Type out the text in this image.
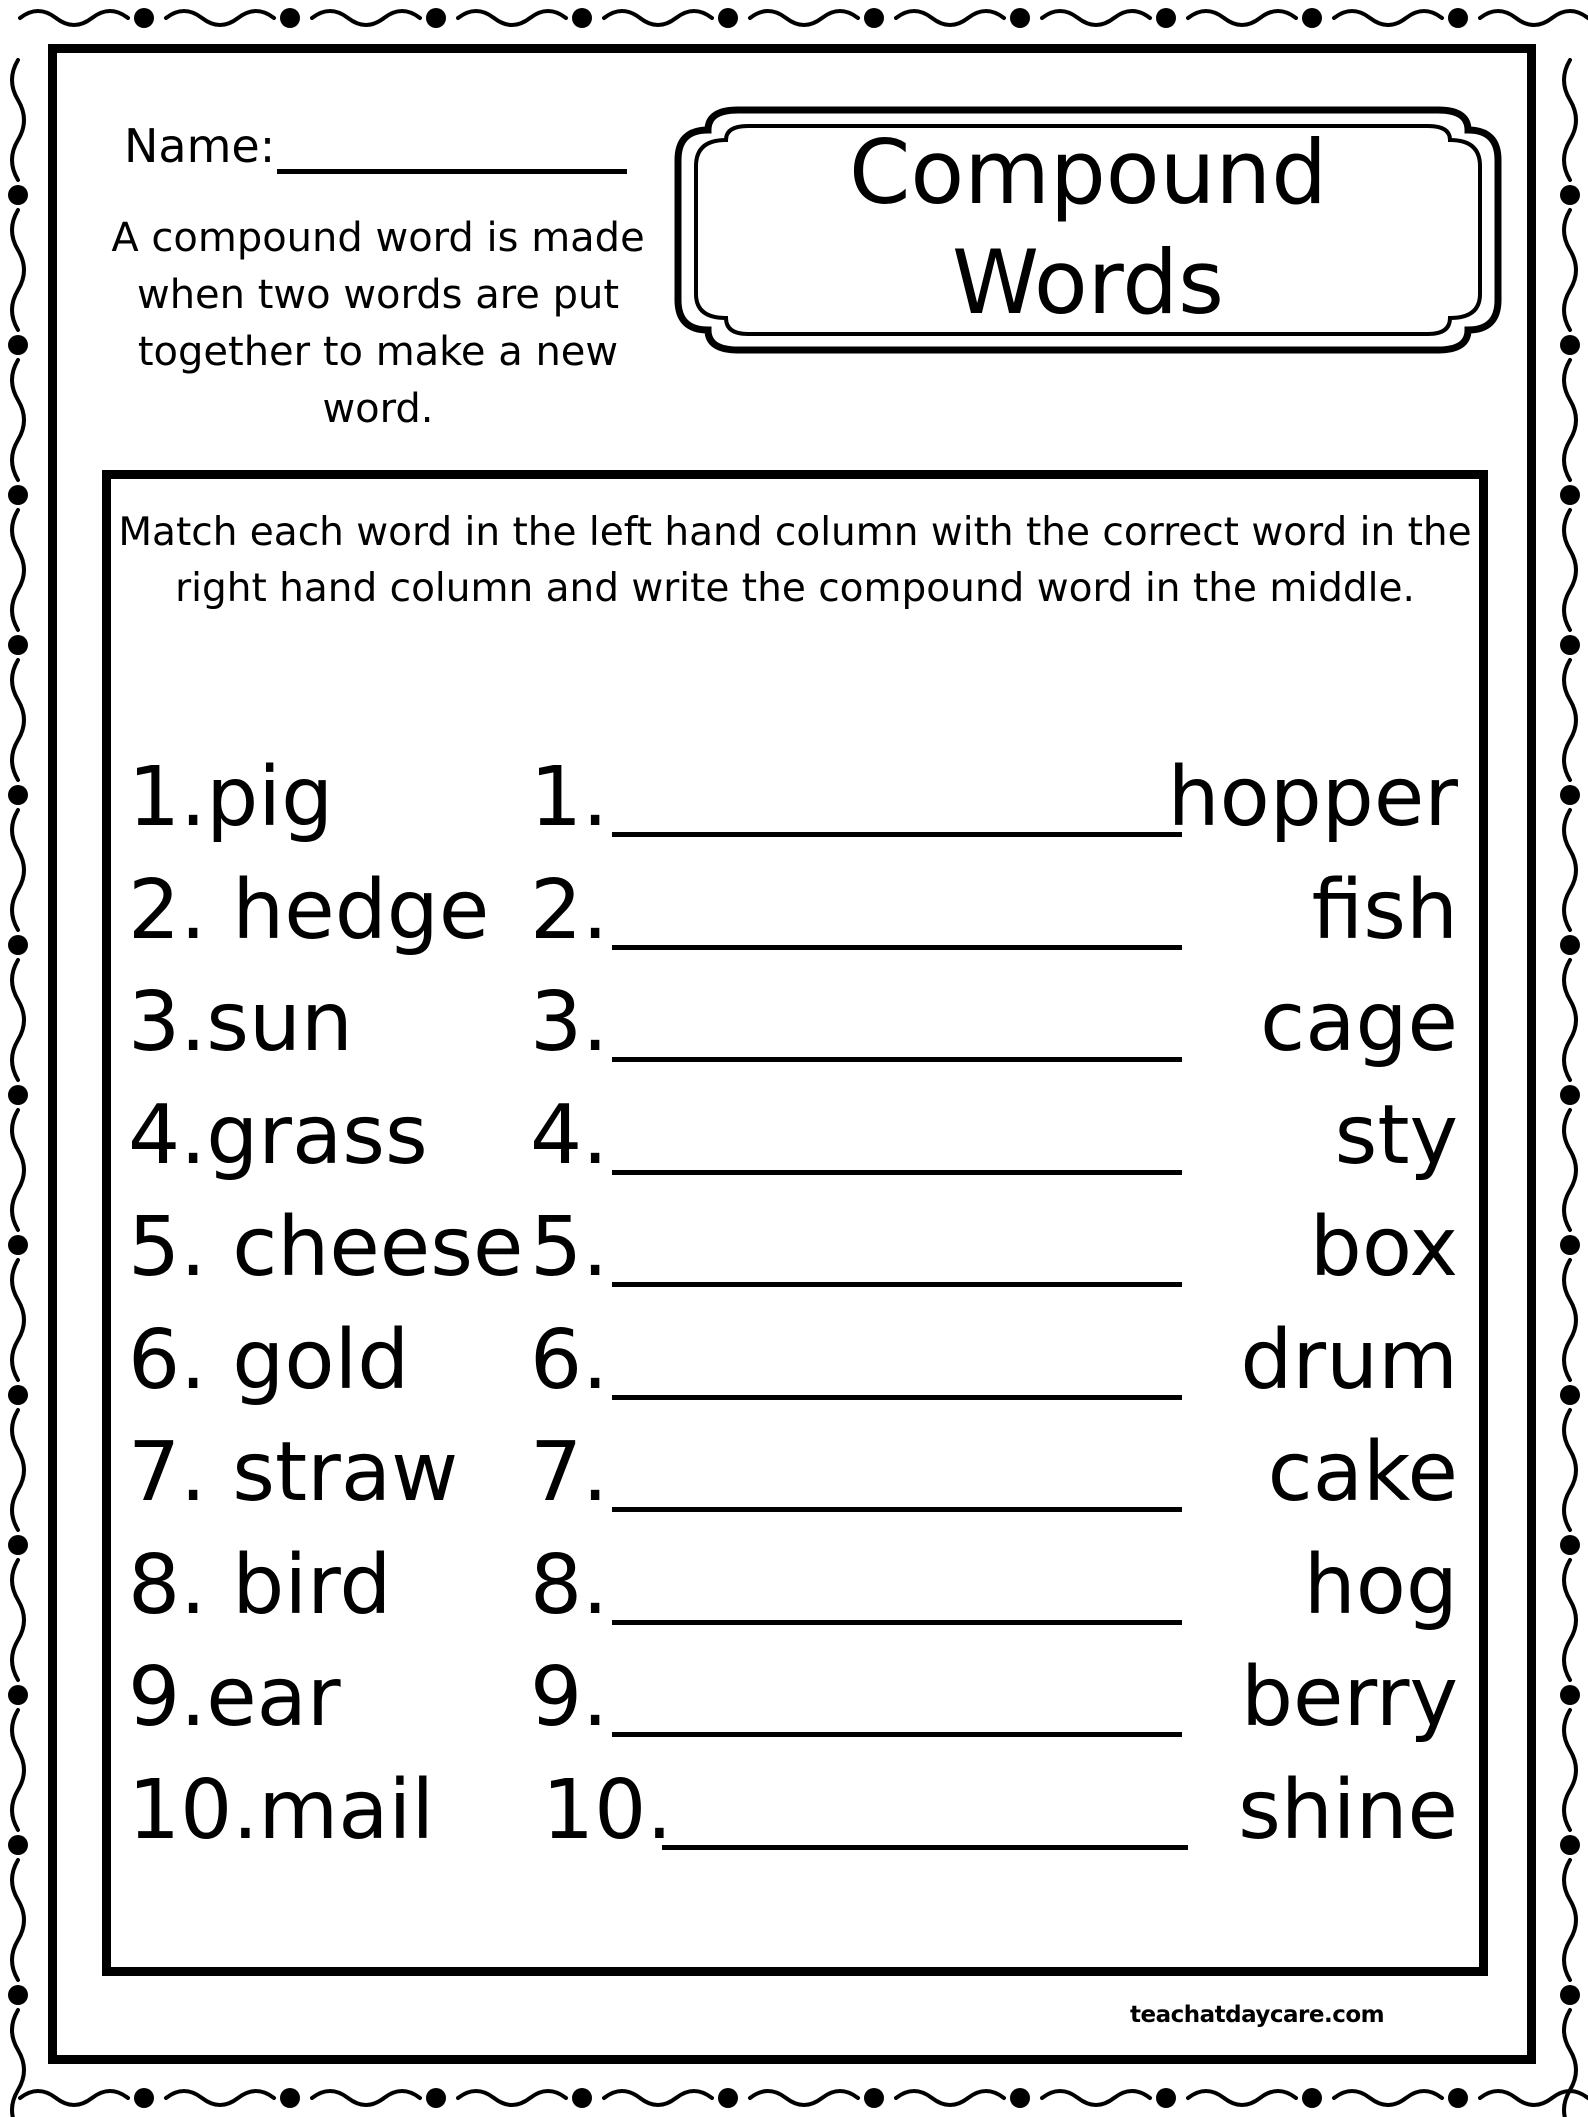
Name:
A compound word is made when two words are put together to make a new word.
Compound
Words
Match each word in the left hand column with the correct word in the right hand column and write the compound word in the middle.
1.pig 1.	hopper
2. hedge 2.	fish
3.sun 3.	cage
4.grass 4.	sty
5. cheese 5.	box
6. gold 6.	drum
7. straw 7.	cake
8. bird 8.	hog
9.ear 9.	berry
10.mail 10.	shine
teachatdaycare.com
